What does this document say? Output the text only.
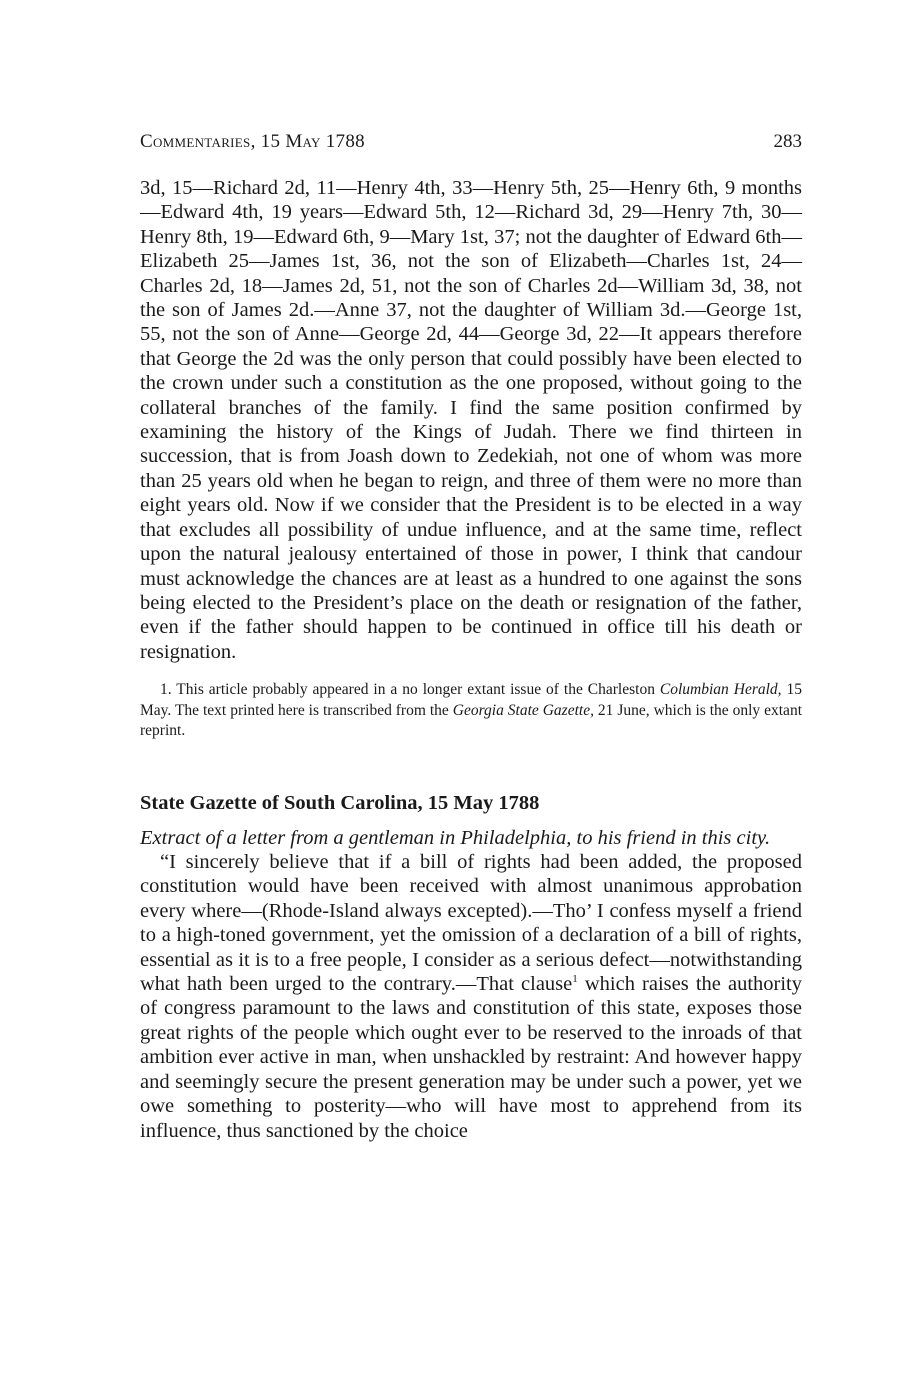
Commentaries, 15 May 1788	283

3d, 15—Richard 2d, 11—Henry 4th, 33—Henry 5th, 25—Henry 6th, 9 months—Edward 4th, 19 years—Edward 5th, 12—Richard 3d, 29—Henry 7th, 30—Henry 8th, 19—Edward 6th, 9—Mary 1st, 37; not the daughter of Edward 6th—Elizabeth 25—James 1st, 36, not the son of Elizabeth—Charles 1st, 24—Charles 2d, 18—James 2d, 51, not the son of Charles 2d—William 3d, 38, not the son of James 2d.—Anne 37, not the daughter of William 3d.—George 1st, 55, not the son of Anne—George 2d, 44—George 3d, 22—It appears therefore that George the 2d was the only person that could possibly have been elected to the crown under such a constitution as the one proposed, without going to the collateral branches of the family. I find the same position confirmed by examining the history of the Kings of Judah. There we find thirteen in succession, that is from Joash down to Zedekiah, not one of whom was more than 25 years old when he began to reign, and three of them were no more than eight years old. Now if we consider that the President is to be elected in a way that excludes all possibility of undue influence, and at the same time, reflect upon the natural jealousy entertained of those in power, I think that candour must acknowledge the chances are at least as a hundred to one against the sons being elected to the President’s place on the death or resignation of the father, even if the father should happen to be continued in office till his death or resignation.

1. This article probably appeared in a no longer extant issue of the Charleston Columbian Herald, 15 May. The text printed here is transcribed from the Georgia State Gazette, 21 June, which is the only extant reprint.

State Gazette of South Carolina, 15 May 1788

Extract of a letter from a gentleman in Philadelphia, to his friend in this city.

“I sincerely believe that if a bill of rights had been added, the proposed constitution would have been received with almost unanimous approbation every where—(Rhode-Island always excepted).—Tho’ I confess myself a friend to a high-toned government, yet the omission of a declaration of a bill of rights, essential as it is to a free people, I consider as a serious defect—notwithstanding what hath been urged to the contrary.—That clause$^1$ which raises the authority of congress paramount to the laws and constitution of this state, exposes those great rights of the people which ought ever to be reserved to the inroads of that ambition ever active in man, when unshackled by restraint: And however happy and seemingly secure the present generation may be under such a power, yet we owe something to posterity—who will have most to apprehend from its influence, thus sanctioned by the choice
